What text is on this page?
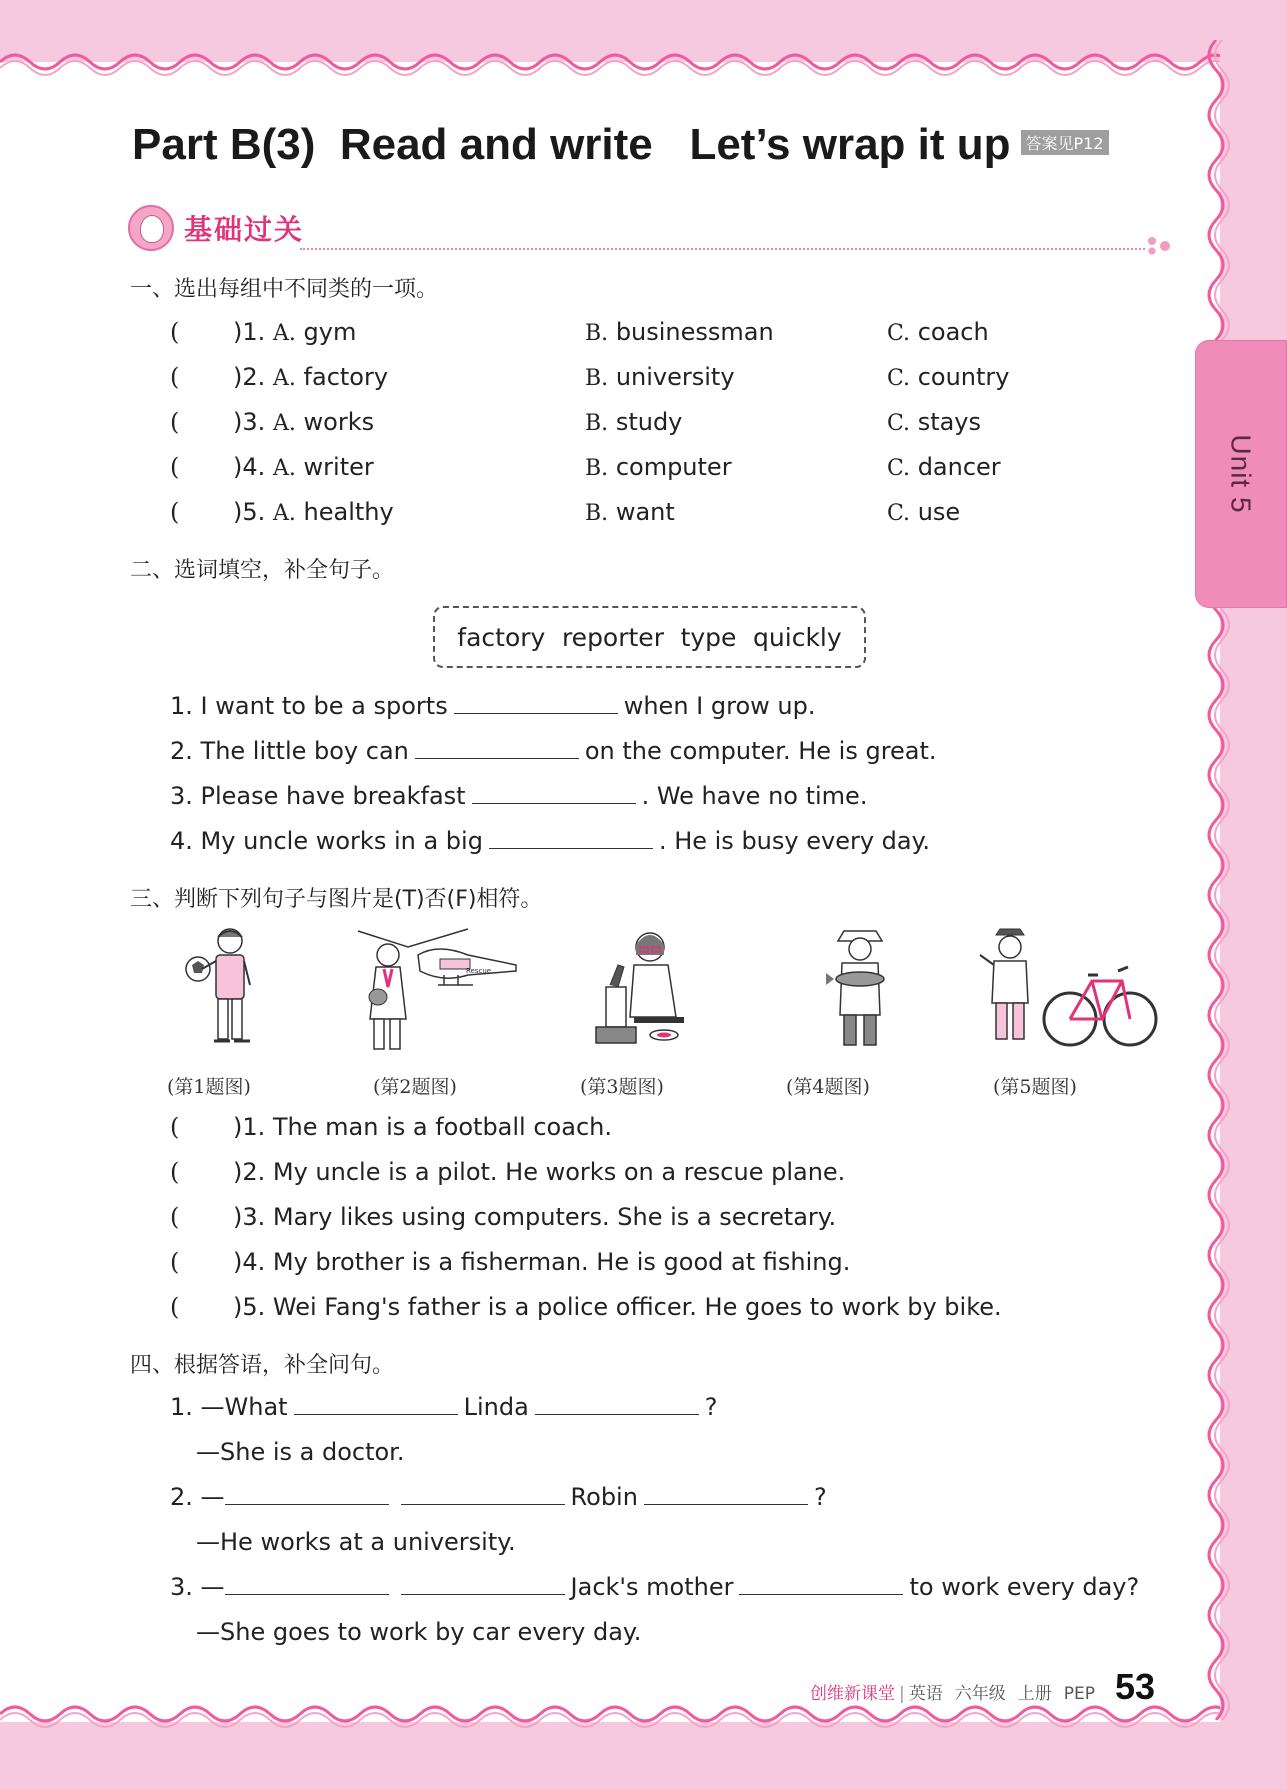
Unit 5
Part B(3)  Read and write   Let’s wrap it up 答案见P12
基础过关
一、选出每组中不同类的一项。
( )1. A. gym	B. businessman	C. coach
( )2. A. factory	B. university	C. country
( )3. A. works	B. study	C. stays
( )4. A. writer	B. computer	C. dancer
( )5. A. healthy	B. want	C. use
二、选词填空，补全句子。
factory reporter type quickly
1. I want to be a sports	when I grow up.
2. The little boy can	on the computer. He is great.
3. Please have breakfast	. We have no time.
4. My uncle works in a big	. He is busy every day.
三、判断下列句子与图片是(T)否(F)相符。
Rescue
(第1题图)	(第2题图)	(第3题图)	(第4题图)	(第5题图)
( )1. The man is a football coach.
( )2. My uncle is a pilot. He works on a rescue plane.
( )3. Mary likes using computers. She is a secretary.
( )4. My brother is a fisherman. He is good at fishing.
( )5. Wei Fang's father is a police officer. He goes to work by bike.
四、根据答语，补全问句。
1. —What	Linda	?
—She is a doctor.
2. —	Robin	?
—He works at a university.
3. —	Jack's mother	to work every day?
—She goes to work by car every day.
创维新课堂 | 英语 六年级 上册 PEP 53
